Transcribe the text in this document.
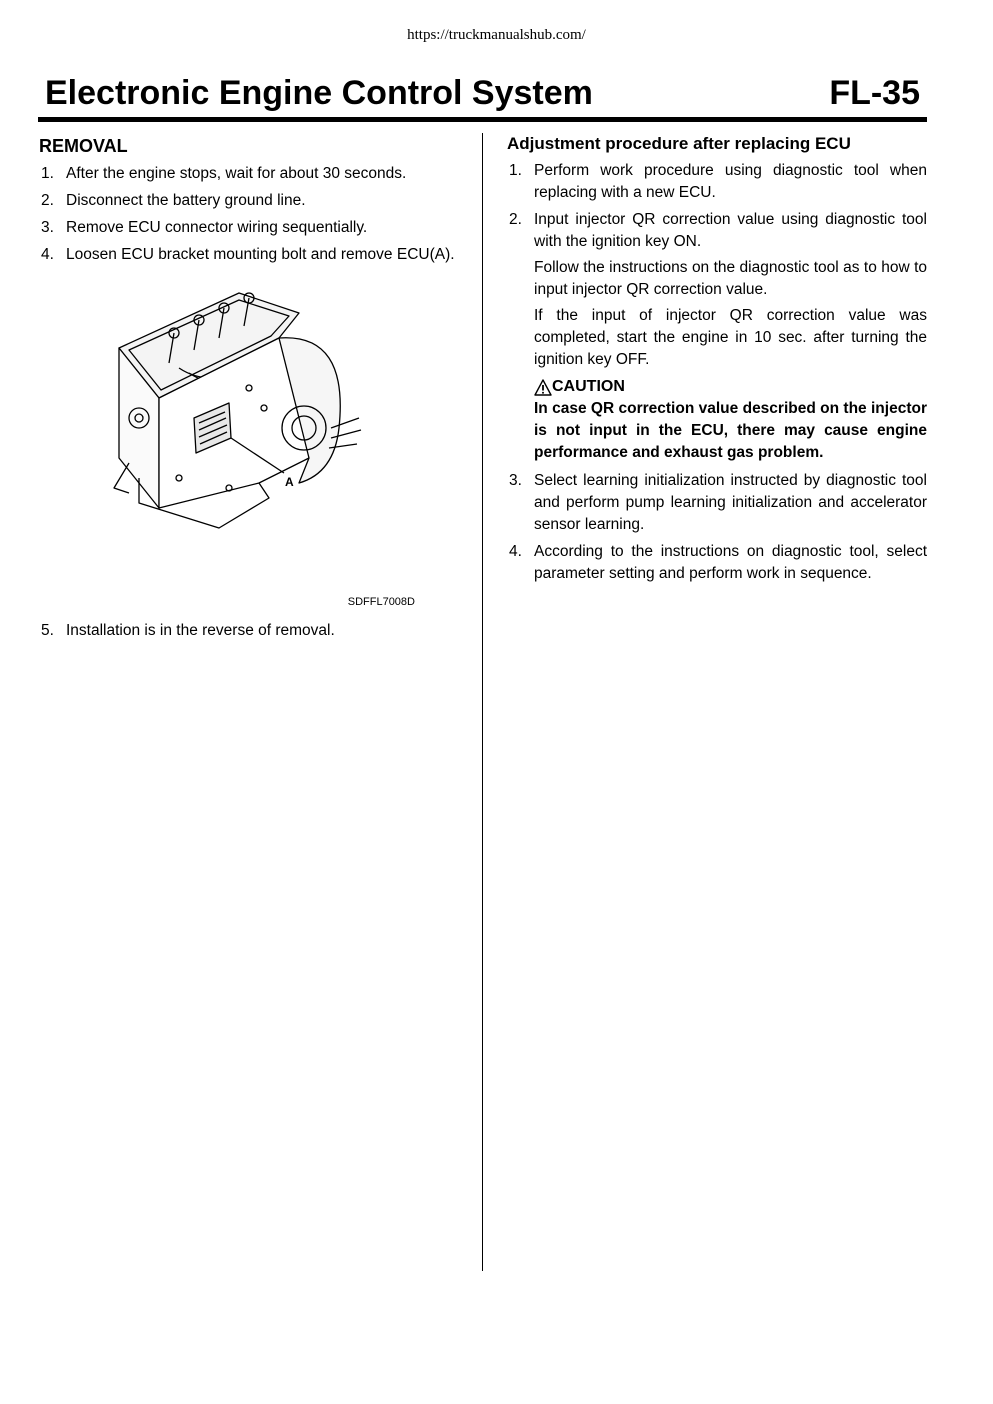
https://truckmanualshub.com/
Electronic Engine Control System	FL-35
REMOVAL
1. After the engine stops, wait for about 30 seconds.
2. Disconnect the battery ground line.
3. Remove ECU connector wiring sequentially.
4. Loosen ECU bracket mounting bolt and remove ECU(A).
A
SDFFL7008D
5. Installation is in the reverse of removal.
Adjustment procedure after replacing ECU
1. Perform work procedure using diagnostic tool when replacing with a new ECU.
2. Input injector QR correction value using diagnostic tool with the ignition key ON.

Follow the instructions on the diagnostic tool as to how to input injector QR correction value.

If the input of injector QR correction value was completed, start the engine in 10 sec. after turning the ignition key OFF.

CAUTION
In case QR correction value described on the injector is not input in the ECU, there may cause engine performance and exhaust gas problem.
3. Select learning initialization instructed by diagnostic tool and perform pump learning initialization and accelerator sensor learning.
4. According to the instructions on diagnostic tool, select parameter setting and perform work in sequence.
